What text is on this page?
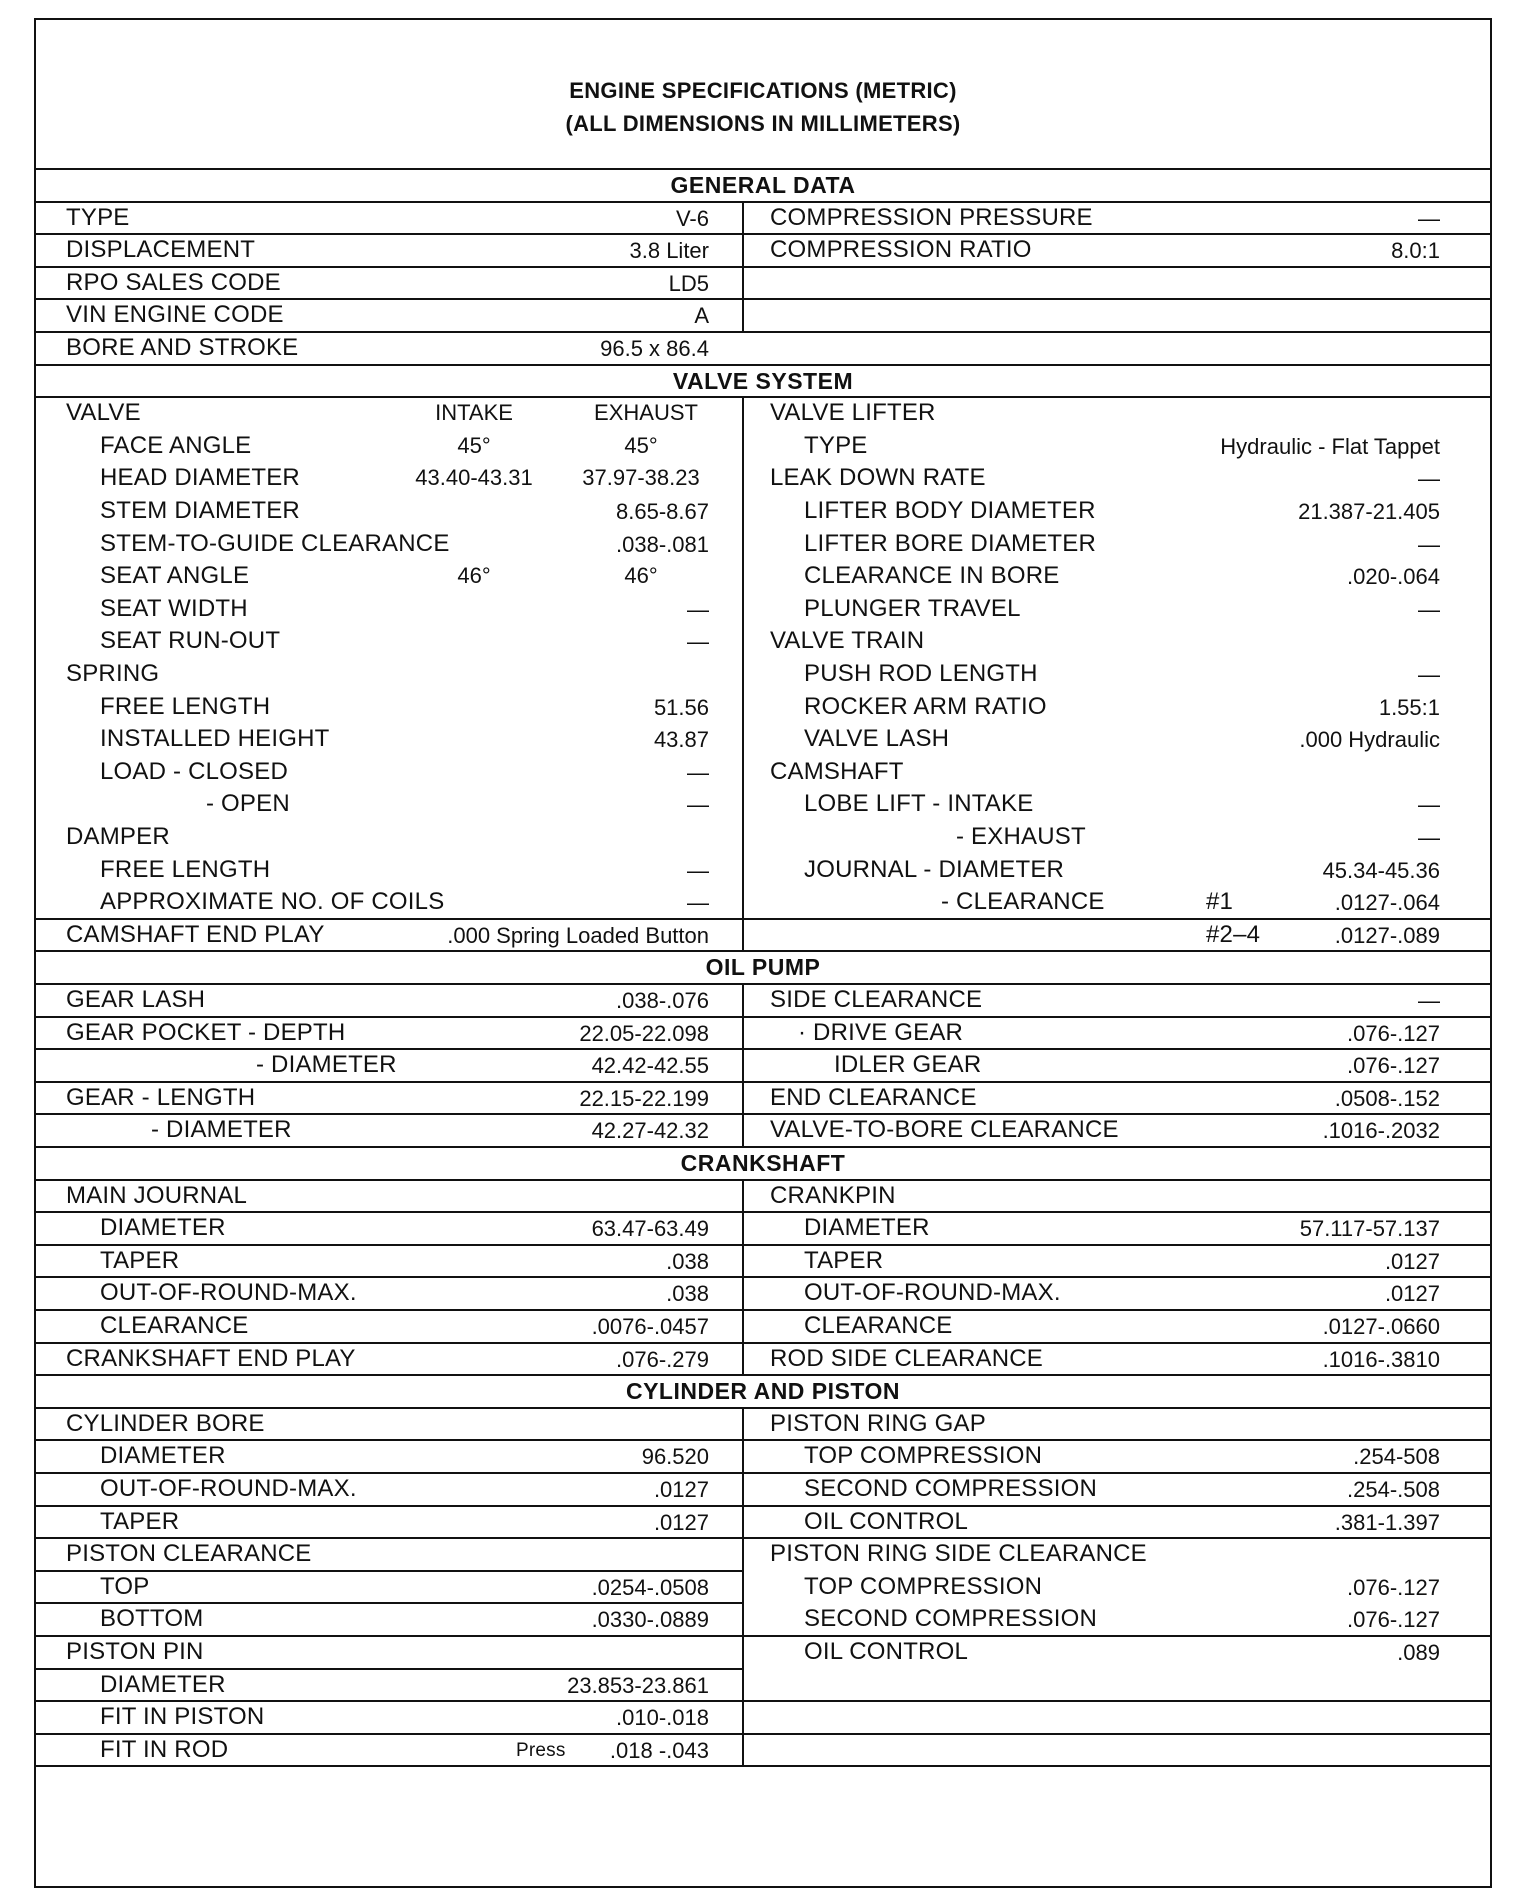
ENGINE SPECIFICATIONS (METRIC)
(ALL DIMENSIONS IN MILLIMETERS)
GENERAL DATA
TYPE	V-6
DISPLACEMENT	3.8 Liter
RPO SALES CODE	LD5
VIN ENGINE CODE	A
BORE AND STROKE	96.5 x 86.4
COMPRESSION PRESSURE	—
COMPRESSION RATIO	8.0:1
VALVE SYSTEM
INTAKE	EXHAUST
VALVE
FACE ANGLE	45°	45°
HEAD DIAMETER	43.40-43.31 37.97-38.23
STEM DIAMETER	8.65-8.67
STEM-TO-GUIDE CLEARANCE	.038-.081
SEAT ANGLE	46°	46°
SEAT WIDTH	—
SEAT RUN-OUT	—
SPRING
FREE LENGTH	51.56
INSTALLED HEIGHT	43.87
LOAD - CLOSED	—
- OPEN	—
DAMPER
FREE LENGTH	—
APPROXIMATE NO. OF COILS	—
CAMSHAFT END PLAY	.000 Spring Loaded Button
VALVE LIFTER
TYPE	Hydraulic - Flat Tappet
LEAK DOWN RATE	—
LIFTER BODY DIAMETER	21.387-21.405
LIFTER BORE DIAMETER	—
CLEARANCE IN BORE	.020-.064
PLUNGER TRAVEL	—
VALVE TRAIN
PUSH ROD LENGTH	—
ROCKER ARM RATIO	1.55:1
VALVE LASH	.000 Hydraulic
CAMSHAFT
LOBE LIFT - INTAKE	—
- EXHAUST	—
JOURNAL - DIAMETER	45.34-45.36
- CLEARANCE	#1	.0127-.064
#2–4	.0127-.089
OIL PUMP
GEAR LASH	.038-.076
GEAR POCKET - DEPTH	22.05-22.098
- DIAMETER	42.42-42.55
GEAR - LENGTH	22.15-22.199
- DIAMETER	42.27-42.32
SIDE CLEARANCE	—
· DRIVE GEAR	.076-.127
IDLER GEAR	.076-.127
END CLEARANCE	.0508-.152
VALVE-TO-BORE CLEARANCE	.1016-.2032
CRANKSHAFT
MAIN JOURNAL
DIAMETER	63.47-63.49
TAPER	.038
OUT-OF-ROUND-MAX.	.038
CLEARANCE	.0076-.0457
CRANKSHAFT END PLAY	.076-.279
CRANKPIN
DIAMETER	57.117-57.137
TAPER	.0127
OUT-OF-ROUND-MAX.	.0127
CLEARANCE	.0127-.0660
ROD SIDE CLEARANCE	.1016-.3810
CYLINDER AND PISTON
CYLINDER BORE
DIAMETER	96.520
OUT-OF-ROUND-MAX.	.0127
TAPER	.0127
PISTON CLEARANCE
TOP	.0254-.0508
BOTTOM	.0330-.0889
PISTON PIN
DIAMETER	23.853-23.861
FIT IN PISTON	.010-.018
FIT IN ROD	Press .018 -.043
PISTON RING GAP
TOP COMPRESSION	.254-508
SECOND COMPRESSION	.254-.508
OIL CONTROL	.381-1.397
PISTON RING SIDE CLEARANCE
TOP COMPRESSION	.076-.127
SECOND COMPRESSION	.076-.127
OIL CONTROL	.089
